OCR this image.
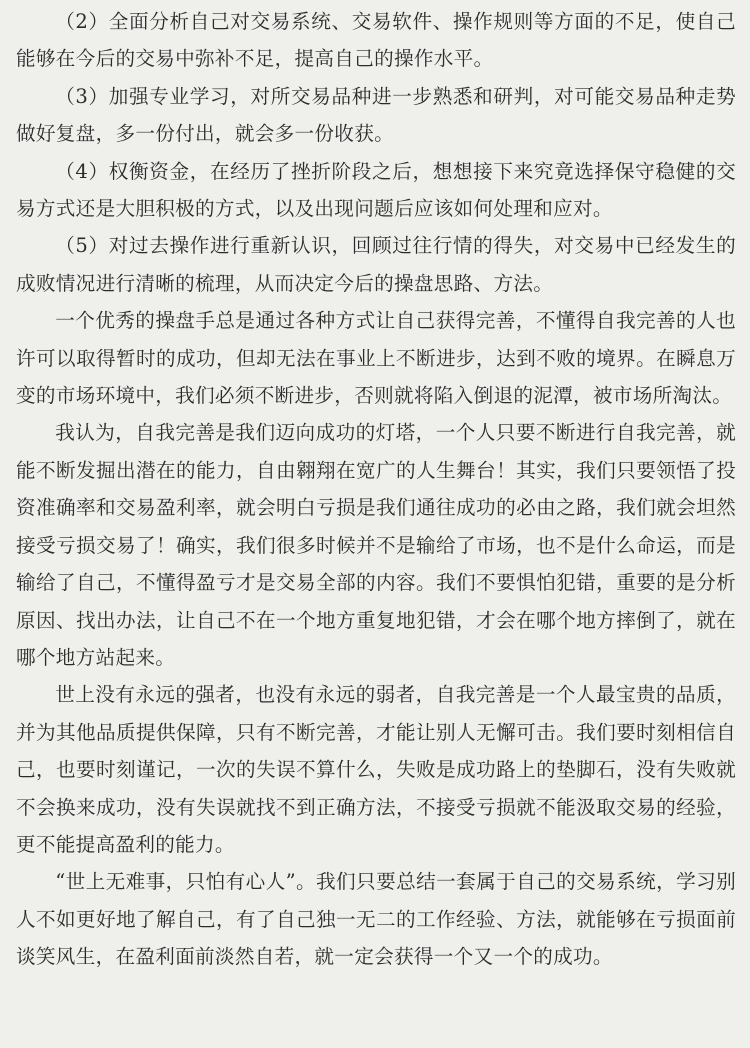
（2）全面分析自己对交易系统、交易软件、操作规则等方面的不足，使自己能够在今后的交易中弥补不足，提高自己的操作水平。

（3）加强专业学习，对所交易品种进一步熟悉和研判，对可能交易品种走势做好复盘，多一份付出，就会多一份收获。

（4）权衡资金，在经历了挫折阶段之后，想想接下来究竟选择保守稳健的交易方式还是大胆积极的方式，以及出现问题后应该如何处理和应对。

（5）对过去操作进行重新认识，回顾过往行情的得失，对交易中已经发生的成败情况进行清晰的梳理，从而决定今后的操盘思路、方法。

一个优秀的操盘手总是通过各种方式让自己获得完善，不懂得自我完善的人也许可以取得暂时的成功，但却无法在事业上不断进步，达到不败的境界。在瞬息万变的市场环境中，我们必须不断进步，否则就将陷入倒退的泥潭，被市场所淘汰。

我认为，自我完善是我们迈向成功的灯塔，一个人只要不断进行自我完善，就能不断发掘出潜在的能力，自由翱翔在宽广的人生舞台！其实，我们只要领悟了投资准确率和交易盈利率，就会明白亏损是我们通往成功的必由之路，我们就会坦然接受亏损交易了！确实，我们很多时候并不是输给了市场，也不是什么命运，而是输给了自己，不懂得盈亏才是交易全部的内容。我们不要惧怕犯错，重要的是分析原因、找出办法，让自己不在一个地方重复地犯错，才会在哪个地方摔倒了，就在哪个地方站起来。

世上没有永远的强者，也没有永远的弱者，自我完善是一个人最宝贵的品质，并为其他品质提供保障，只有不断完善，才能让别人无懈可击。我们要时刻相信自己，也要时刻谨记，一次的失误不算什么，失败是成功路上的垫脚石，没有失败就不会换来成功，没有失误就找不到正确方法，不接受亏损就不能汲取交易的经验，更不能提高盈利的能力。

“世上无难事，只怕有心人”。我们只要总结一套属于自己的交易系统，学习别人不如更好地了解自己，有了自己独一无二的工作经验、方法，就能够在亏损面前谈笑风生，在盈利面前淡然自若，就一定会获得一个又一个的成功。
